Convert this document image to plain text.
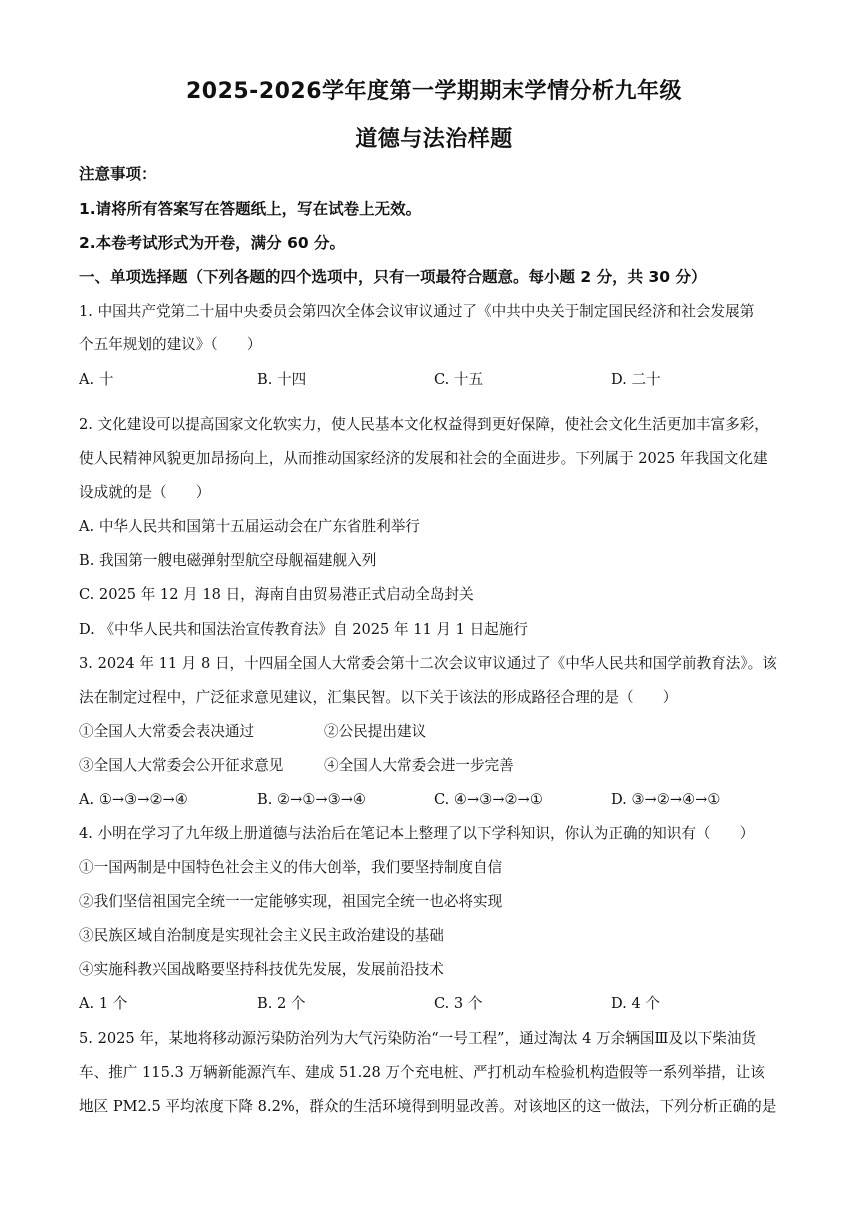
2025-2026学年度第一学期期末学情分析九年级
道德与法治样题
注意事项：
1.请将所有答案写在答题纸上，写在试卷上无效。
2.本卷考试形式为开卷，满分 60 分。
一、单项选择题（下列各题的四个选项中，只有一项最符合题意。每小题 2 分，共 30 分）
1. 中国共产党第二十届中央委员会第四次全体会议审议通过了《中共中央关于制定国民经济和社会发展第
个五年规划的建议》（　　）
A. 十	B. 十四	C. 十五	D. 二十
2. 文化建设可以提高国家文化软实力，使人民基本文化权益得到更好保障，使社会文化生活更加丰富多彩，
使人民精神风貌更加昂扬向上，从而推动国家经济的发展和社会的全面进步。下列属于 2025 年我国文化建
设成就的是（　　）
A. 中华人民共和国第十五届运动会在广东省胜利举行
B. 我国第一艘电磁弹射型航空母舰福建舰入列
C. 2025 年 12 月 18 日，海南自由贸易港正式启动全岛封关
D. 《中华人民共和国法治宣传教育法》自 2025 年 11 月 1 日起施行
3. 2024 年 11 月 8 日，十四届全国人大常委会第十二次会议审议通过了《中华人民共和国学前教育法》。该
法在制定过程中，广泛征求意见建议，汇集民智。以下关于该法的形成路径合理的是（　　）
①全国人大常委会表决通过	②公民提出建议
③全国人大常委会公开征求意见	④全国人大常委会进一步完善
A. ①→③→②→④	B. ②→①→③→④	C. ④→③→②→①	D. ③→②→④→①
4. 小明在学习了九年级上册道德与法治后在笔记本上整理了以下学科知识，你认为正确的知识有（　　）
①一国两制是中国特色社会主义的伟大创举，我们要坚持制度自信
②我们坚信祖国完全统一一定能够实现，祖国完全统一也必将实现
③民族区域自治制度是实现社会主义民主政治建设的基础
④实施科教兴国战略要坚持科技优先发展，发展前沿技术
A. 1 个	B. 2 个	C. 3 个	D. 4 个
5. 2025 年，某地将移动源污染防治列为大气污染防治“一号工程”，通过淘汰 4 万余辆国Ⅲ及以下柴油货
车、推广 115.3 万辆新能源汽车、建成 51.28 万个充电桩、严打机动车检验机构造假等一系列举措，让该
地区 PM2.5 平均浓度下降 8.2%，群众的生活环境得到明显改善。对该地区的这一做法，下列分析正确的是
